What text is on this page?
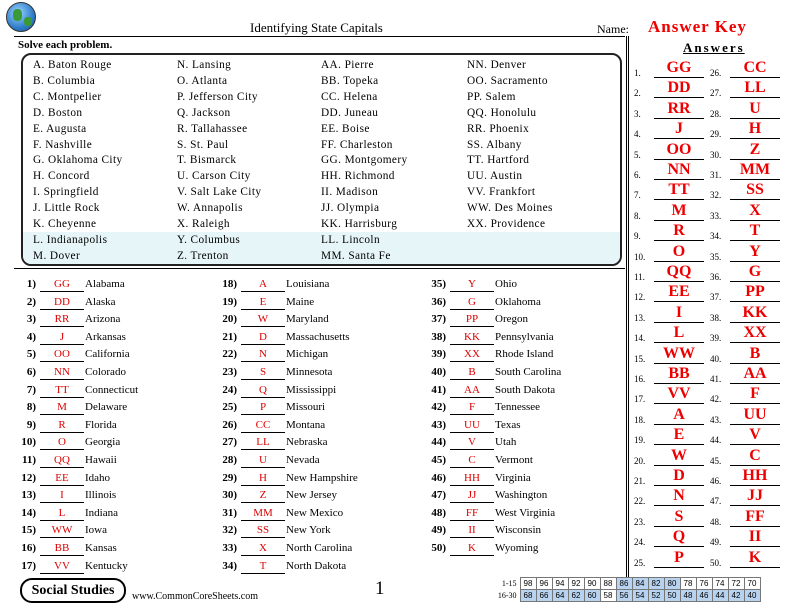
Identifying State Capitals	Name: Answer Key
Solve each problem.
A. Baton Rouge
B. Columbia
C. Montpelier
D. Boston
E. Augusta
F. Nashville
G. Oklahoma City
H. Concord
I. Springfield
J. Little Rock
K. Cheyenne
L. Indianapolis
M. Dover
N. Lansing
O. Atlanta
P. Jefferson City
Q. Jackson
R. Tallahassee
S. St. Paul
T. Bismarck
U. Carson City
V. Salt Lake City
W. Annapolis
X. Raleigh
Y. Columbus
Z. Trenton
AA. Pierre
BB. Topeka
CC. Helena
DD. Juneau
EE. Boise
FF. Charleston
GG. Montgomery
HH. Richmond
II. Madison
JJ. Olympia
KK. Harrisburg
LL. Lincoln
MM. Santa Fe
NN. Denver
OO. Sacramento
PP. Salem
QQ. Honolulu
RR. Phoenix
SS. Albany
TT. Hartford
UU. Austin
VV. Frankfort
WW. Des Moines
XX. Providence
1)	GG	Alabama
2)	DD	Alaska
3)	RR	Arizona
4)	J	Arkansas
5)	OO	California
6)	NN	Colorado
7)	TT	Connecticut
8)	M	Delaware
9)	R	Florida
10)	O	Georgia
11)	QQ	Hawaii
12)	EE	Idaho
13)	I	Illinois
14)	L	Indiana
15)	WW	Iowa
16)	BB	Kansas
17)	VV	Kentucky
18)	A	Louisiana
19)	E	Maine
20)	W	Maryland
21)	D	Massachusetts
22)	N	Michigan
23)	S	Minnesota
24)	Q	Mississippi
25)	P	Missouri
26)	CC	Montana
27)	LL	Nebraska
28)	U	Nevada
29)	H	New Hampshire
30)	Z	New Jersey
31)	MM	New Mexico
32)	SS	New York
33)	X	North Carolina
34)	T	North Dakota
35)	Y	Ohio
36)	G	Oklahoma
37)	PP	Oregon
38)	KK	Pennsylvania
39)	XX	Rhode Island
40)	B	South Carolina
41)	AA	South Dakota
42)	F	Tennessee
43)	UU	Texas
44)	V	Utah
45)	C	Vermont
46)	HH	Virginia
47)	JJ	Washington
48)	FF	West Virginia
49)	II	Wisconsin
50)	K	Wyoming
Answers
1.	GG
2.	DD
3.	RR
4.	J
5.	OO
6.	NN
7.	TT
8.	M
9.	R
10.	O
11.	QQ
12.	EE
13.	I
14.	L
15.	WW
16.	BB
17.	VV
18.	A
19.	E
20.	W
21.	D
22.	N
23.	S
24.	Q
25.	P
26.	CC
27.	LL
28.	U
29.	H
30.	Z
31.	MM
32.	SS
33.	X
34.	T
35.	Y
36.	G
37.	PP
38.	KK
39.	XX
40.	B
41.	AA
42.	F
43.	UU
44.	V
45.	C
46.	HH
47.	JJ
48.	FF
49.	II
50.	K
Social Studies	www.CommonCoreSheets.com	1	1-15	98	96	94	92	90	88	86	84	82	80	78	76	74	72	70
16-30	68	66	64	62	60	58	56	54	52	50	48	46	44	42	40
